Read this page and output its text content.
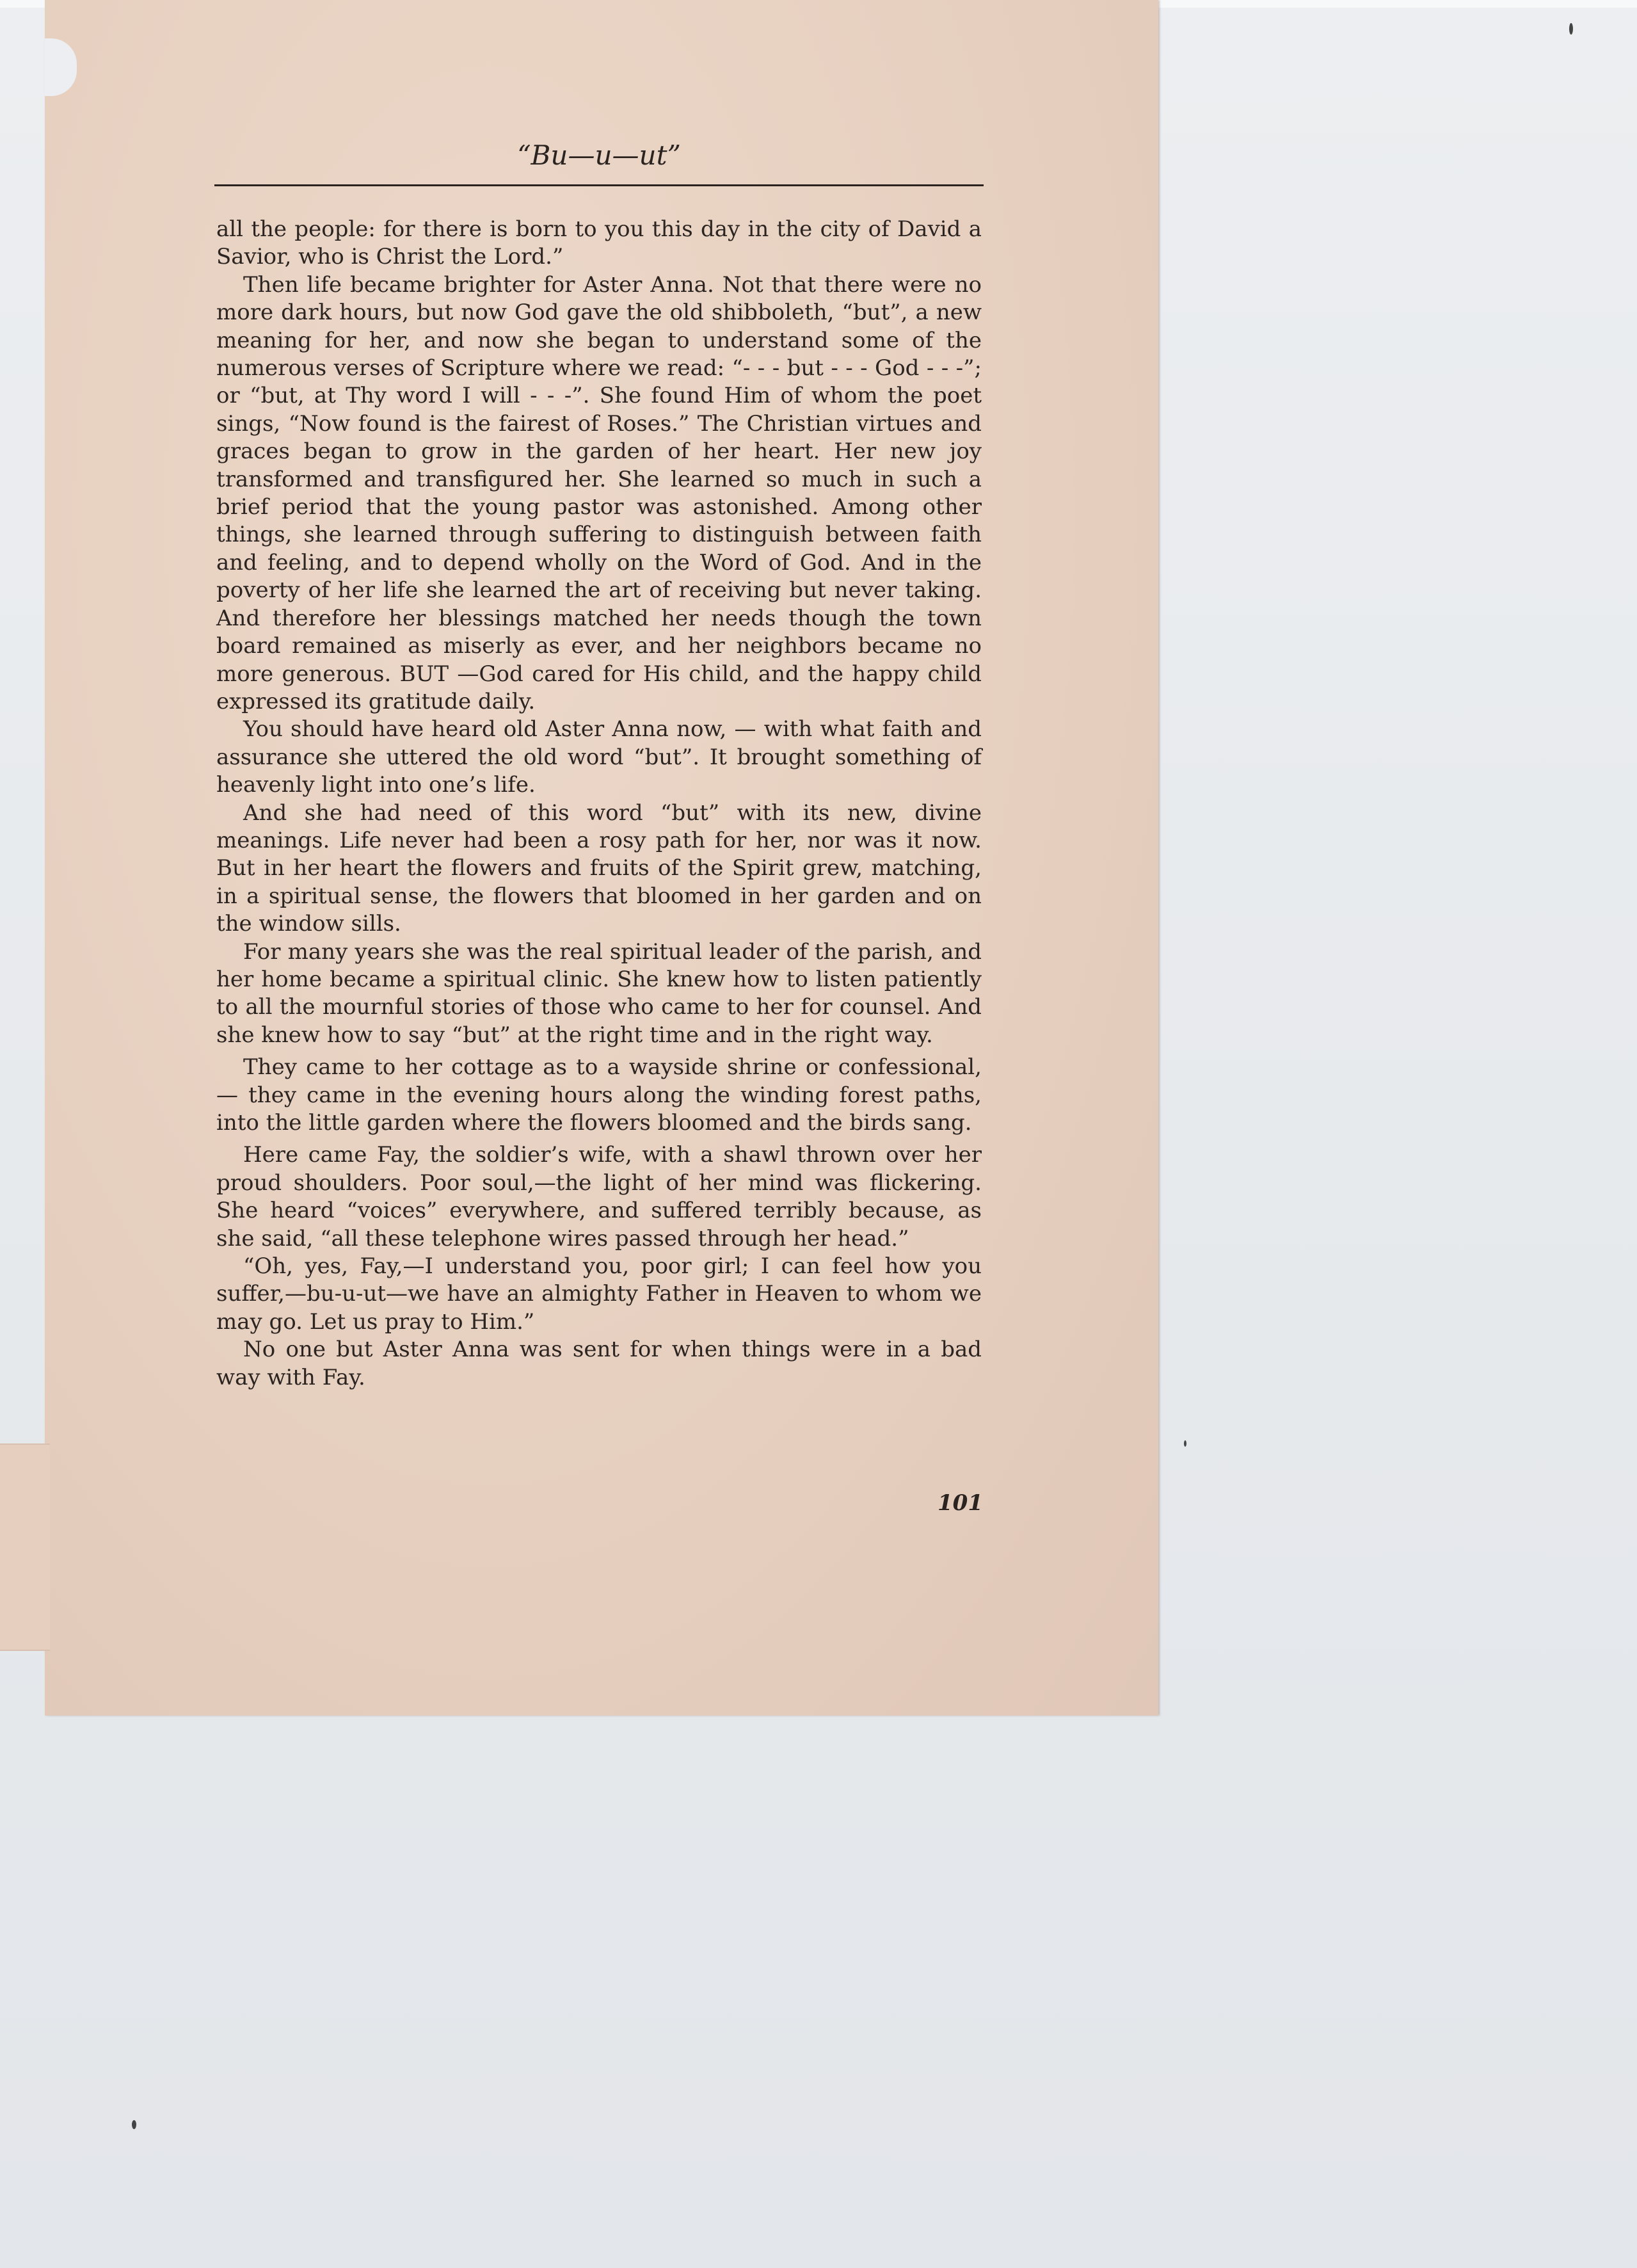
“Bu—u—ut”

all the people: for there is born to you this day in the city of David a Savior, who is Christ the Lord.”

Then life became brighter for Aster Anna. Not that there were no more dark hours, but now God gave the old shibboleth, “but”, a new meaning for her, and now she began to understand some of the numerous verses of Scripture where we read: “- - - but - - - God - - -”; or “but, at Thy word I will - - -”. She found Him of whom the poet sings, “Now found is the fairest of Roses.” The Christian virtues and graces began to grow in the garden of her heart. Her new joy transformed and transfigured her. She learned so much in such a brief period that the young pastor was astonished. Among other things, she learned through suffering to distinguish between faith and feeling, and to depend wholly on the Word of God. And in the poverty of her life she learned the art of receiving but never taking. And therefore her blessings matched her needs though the town board remained as miserly as ever, and her neighbors became no more generous. BUT —God cared for His child, and the happy child expressed its gratitude daily.

You should have heard old Aster Anna now, — with what faith and assurance she uttered the old word “but”. It brought something of heavenly light into one’s life.

And she had need of this word “but” with its new, divine meanings. Life never had been a rosy path for her, nor was it now. But in her heart the flowers and fruits of the Spirit grew, matching, in a spiritual sense, the flowers that bloomed in her garden and on the window sills.

For many years she was the real spiritual leader of the parish, and her home became a spiritual clinic. She knew how to listen patiently to all the mournful stories of those who came to her for counsel. And she knew how to say “but” at the right time and in the right way.

They came to her cottage as to a wayside shrine or confessional, — they came in the evening hours along the winding forest paths, into the little garden where the flowers bloomed and the birds sang.

Here came Fay, the soldier’s wife, with a shawl thrown over her proud shoulders. Poor soul,—the light of her mind was flickering. She heard “voices” everywhere, and suffered terribly because, as she said, “all these telephone wires passed through her head.”

“Oh, yes, Fay,—I understand you, poor girl; I can feel how you suffer,—bu-u-ut—we have an almighty Father in Heaven to whom we may go. Let us pray to Him.”

No one but Aster Anna was sent for when things were in a bad way with Fay.

101
